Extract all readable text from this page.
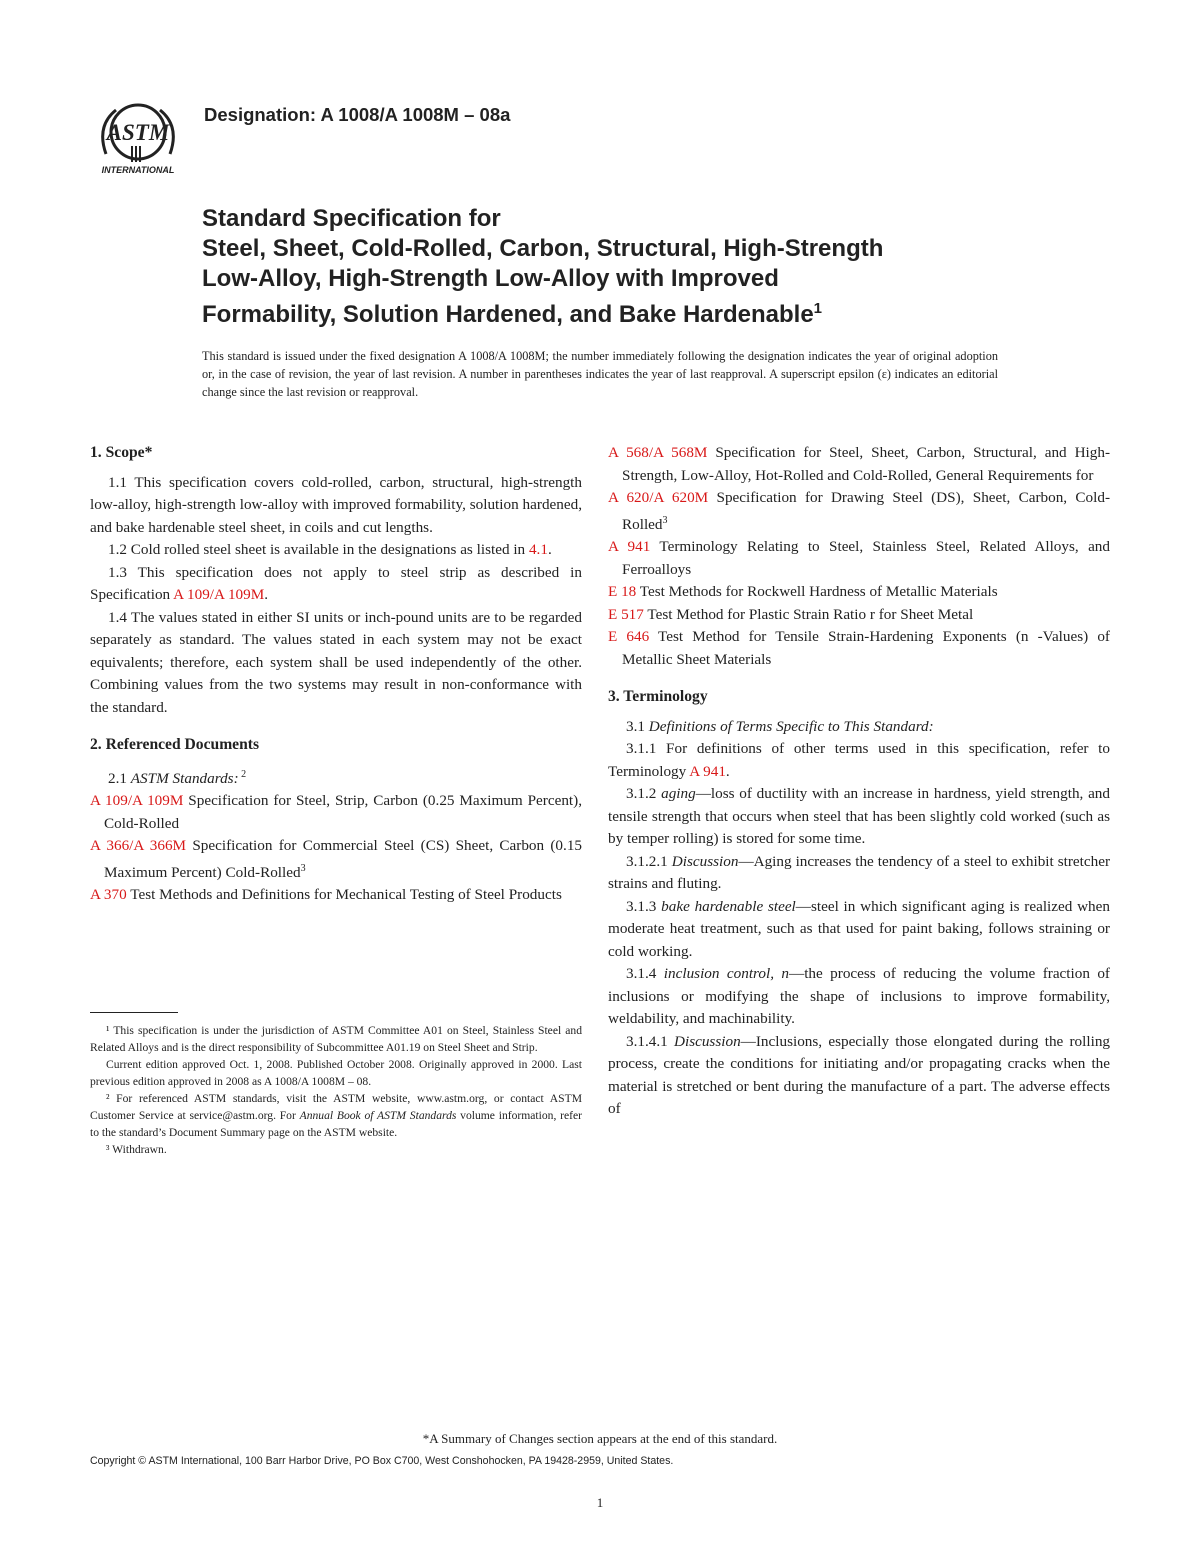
ASTM
INTERNATIONAL
Designation: A 1008/A 1008M – 08a
Standard Specification for
Steel, Sheet, Cold-Rolled, Carbon, Structural, High-Strength
Low-Alloy, High-Strength Low-Alloy with Improved
Formability, Solution Hardened, and Bake Hardenable$^1$
This standard is issued under the fixed designation A 1008/A 1008M; the number immediately following the designation indicates the year of original adoption or, in the case of revision, the year of last revision. A number in parentheses indicates the year of last reapproval. A superscript epsilon (ε) indicates an editorial change since the last revision or reapproval.
1. Scope*

1.1 This specification covers cold-rolled, carbon, structural, high-strength low-alloy, high-strength low-alloy with improved formability, solution hardened, and bake hardenable steel sheet, in coils and cut lengths.

1.2 Cold rolled steel sheet is available in the designations as listed in 4.1.

1.3 This specification does not apply to steel strip as described in Specification A 109/A 109M.

1.4 The values stated in either SI units or inch-pound units are to be regarded separately as standard. The values stated in each system may not be exact equivalents; therefore, each system shall be used independently of the other. Combining values from the two systems may result in non-conformance with the standard.

2. Referenced Documents

2.1 ASTM Standards: $^2$

A 109/A 109M Specification for Steel, Strip, Carbon (0.25 Maximum Percent), Cold-Rolled

A 366/A 366M Specification for Commercial Steel (CS) Sheet, Carbon (0.15 Maximum Percent) Cold-Rolled$^3$

A 370 Test Methods and Definitions for Mechanical Testing of Steel Products

¹ This specification is under the jurisdiction of ASTM Committee A01 on Steel, Stainless Steel and Related Alloys and is the direct responsibility of Subcommittee A01.19 on Steel Sheet and Strip.

Current edition approved Oct. 1, 2008. Published October 2008. Originally approved in 2000. Last previous edition approved in 2008 as A 1008/A 1008M – 08.

² For referenced ASTM standards, visit the ASTM website, www.astm.org, or contact ASTM Customer Service at service@astm.org. For Annual Book of ASTM Standards volume information, refer to the standard’s Document Summary page on the ASTM website.

³ Withdrawn.

A 568/A 568M Specification for Steel, Sheet, Carbon, Structural, and High-Strength, Low-Alloy, Hot-Rolled and Cold-Rolled, General Requirements for

A 620/A 620M Specification for Drawing Steel (DS), Sheet, Carbon, Cold-Rolled$^3$

A 941 Terminology Relating to Steel, Stainless Steel, Related Alloys, and Ferroalloys

E 18 Test Methods for Rockwell Hardness of Metallic Materials

E 517 Test Method for Plastic Strain Ratio r for Sheet Metal

E 646 Test Method for Tensile Strain-Hardening Exponents (n -Values) of Metallic Sheet Materials

3. Terminology

3.1 Definitions of Terms Specific to This Standard:

3.1.1 For definitions of other terms used in this specification, refer to Terminology A 941.

3.1.2 aging—loss of ductility with an increase in hardness, yield strength, and tensile strength that occurs when steel that has been slightly cold worked (such as by temper rolling) is stored for some time.

3.1.2.1 Discussion—Aging increases the tendency of a steel to exhibit stretcher strains and fluting.

3.1.3 bake hardenable steel—steel in which significant aging is realized when moderate heat treatment, such as that used for paint baking, follows straining or cold working.

3.1.4 inclusion control, n—the process of reducing the volume fraction of inclusions or modifying the shape of inclusions to improve formability, weldability, and machinability.

3.1.4.1 Discussion—Inclusions, especially those elongated during the rolling process, create the conditions for initiating and/or propagating cracks when the material is stretched or bent during the manufacture of a part. The adverse effects of

*A Summary of Changes section appears at the end of this standard.
Copyright © ASTM International, 100 Barr Harbor Drive, PO Box C700, West Conshohocken, PA 19428-2959, United States.
1
